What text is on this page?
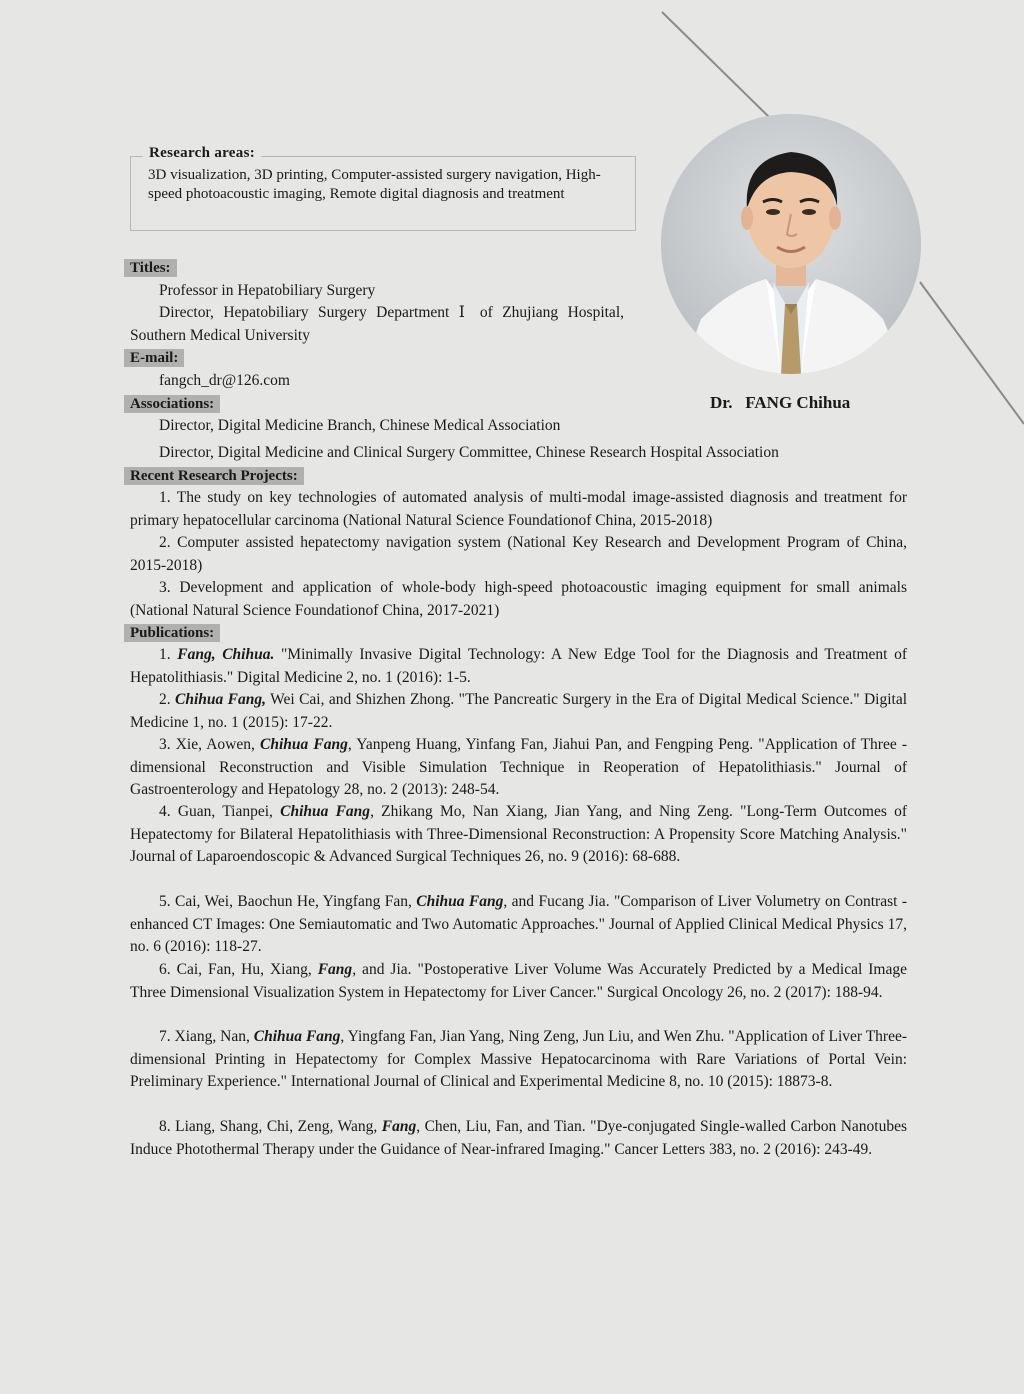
Research areas:
3D visualization, 3D printing, Computer-assisted surgery navigation, High-speed photoacoustic imaging, Remote digital diagnosis and treatment
Dr.   FANG Chihua
Titles:
Professor in Hepatobiliary Surgery
Director, Hepatobiliary Surgery Department Ⅰ of Zhujiang Hospital, Southern Medical University
E-mail:
fangch_dr@126.com
Associations:
Director, Digital Medicine Branch, Chinese Medical Association
Director, Digital Medicine and Clinical Surgery Committee, Chinese Research Hospital Association
Recent Research Projects:
1. The study on key technologies of automated analysis of multi-modal image-assisted diagnosis and treatment for primary hepatocellular carcinoma (National Natural Science Foundationof China, 2015-2018)
2. Computer assisted hepatectomy navigation system (National Key Research and Development Program of China, 2015-2018)
3. Development and application of whole-body high-speed photoacoustic imaging equipment for small animals (National Natural Science Foundationof China, 2017-2021)
Publications:
1. Fang, Chihua. "Minimally Invasive Digital Technology: A New Edge Tool for the Diagnosis and Treatment of Hepatolithiasis." Digital Medicine 2, no. 1 (2016): 1-5.
2. Chihua Fang, Wei Cai, and Shizhen Zhong. "The Pancreatic Surgery in the Era of Digital Medical Science." Digital Medicine 1, no. 1 (2015): 17-22.
3. Xie, Aowen, Chihua Fang, Yanpeng Huang, Yinfang Fan, Jiahui Pan, and Fengping Peng. "Application of Three - dimensional Reconstruction and Visible Simulation Technique in Reoperation of Hepatolithiasis." Journal of Gastroenterology and Hepatology 28, no. 2 (2013): 248-54.
4. Guan, Tianpei, Chihua Fang, Zhikang Mo, Nan Xiang, Jian Yang, and Ning Zeng. "Long-Term Outcomes of Hepatectomy for Bilateral Hepatolithiasis with Three-Dimensional Reconstruction: A Propensity Score Matching Analysis." Journal of Laparoendoscopic & Advanced Surgical Techniques 26, no. 9 (2016): 68-688.
5. Cai, Wei, Baochun He, Yingfang Fan, Chihua Fang, and Fucang Jia. "Comparison of Liver Volumetry on Contrast - enhanced CT Images: One Semiautomatic and Two Automatic Approaches." Journal of Applied Clinical Medical Physics 17, no. 6 (2016): 118-27.
6. Cai, Fan, Hu, Xiang, Fang, and Jia. "Postoperative Liver Volume Was Accurately Predicted by a Medical Image Three Dimensional Visualization System in Hepatectomy for Liver Cancer." Surgical Oncology 26, no. 2 (2017): 188-94.
7. Xiang, Nan, Chihua Fang, Yingfang Fan, Jian Yang, Ning Zeng, Jun Liu, and Wen Zhu. "Application of Liver Three-dimensional Printing in Hepatectomy for Complex Massive Hepatocarcinoma with Rare Variations of Portal Vein: Preliminary Experience." International Journal of Clinical and Experimental Medicine 8, no. 10 (2015): 18873-8.
8. Liang, Shang, Chi, Zeng, Wang, Fang, Chen, Liu, Fan, and Tian. "Dye-conjugated Single-walled Carbon Nanotubes Induce Photothermal Therapy under the Guidance of Near-infrared Imaging." Cancer Letters 383, no. 2 (2016): 243-49.
